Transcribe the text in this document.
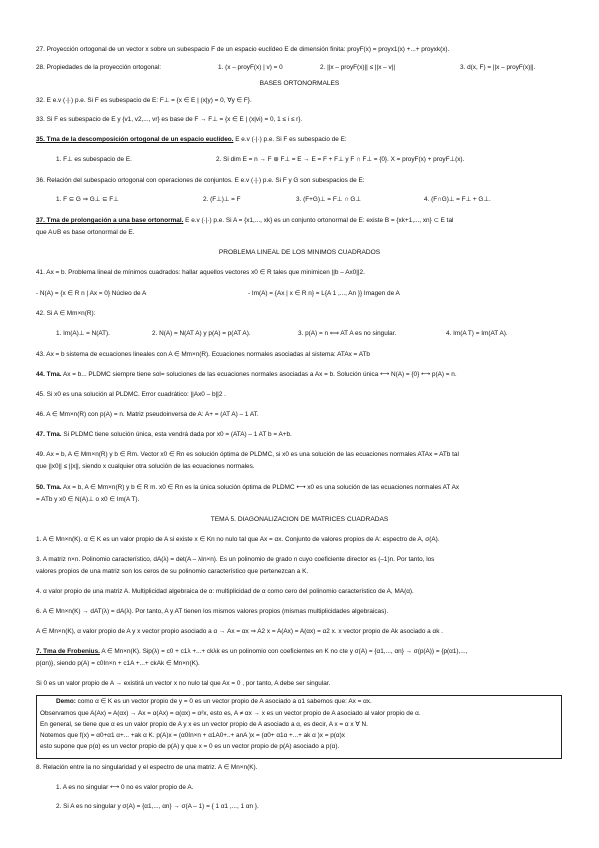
27. Proyección ortogonal de un vector x sobre un subespacio F de un espacio euclídeo E de dimensión finita: proyF(x) = proyx1(x) +...+ proyxk(x).
28. Propiedades de la proyección ortogonal:	1. (x – proyF(x) | v) = 0	2. ||x – proyF(x)|| ≤ ||x – v||	3. d(x, F) = ||x – proyF(x)||.
BASES ORTONORMALES
32. E e.v (·|·) p.e. Si F es subespacio de E: F⊥ = {x ∈ E | (x|y) = 0, ∀y ∈ F}.
33. Si F es subespacio de E y {v1, v2,..., vr} es base de F → F⊥ = {x ∈ E | (x|vi) = 0, 1 ≤ i ≤ r}.
35. Tma de la descomposición ortogonal de un espacio euclídeo. E e.v (·|·) p.e. Si F es subespacio de E:
1. F⊥ es subespacio de E.	2. Si dim E = n → F ⊕ F⊥ = E → E = F + F⊥ y F ∩ F⊥ = {0}. X = proyF(x) + proyF⊥(x).
36. Relación del subespacio ortogonal con operaciones de conjuntos. E e.v (·|·) p.e. Si F y G son subespacios de E:
1. F ⊆ G ⇒ G⊥ ⊆ F⊥	2. (F⊥)⊥ = F	3. (F+G)⊥ = F⊥ ∩ G⊥	4. (F∩G)⊥ = F⊥ + G⊥.
37. Tma de prolongación a una base ortonormal. E e.v (·|·) p.e. Si A = {x1,..., xk} es un conjunto ortonormal de E: existe B = {xk+1,..., xn} ⊂ E tal
que A∪B es base ortonormal de E.
PROBLEMA LINEAL DE LOS MINIMOS CUADRADOS
41. Ax = b. Problema lineal de mínimos cuadrados: hallar aquellos vectores x0 ∈ R tales que minimicen ||b – Ax0||2.
- N(A) = {x ∈ R n | Ax = 0} Núcleo de A	- Im(A) = {Ax | x ∈ R n} = L{A 1 ,..., An }} Imagen de A
42. Si A ∈ Mm×n(R):
1. Im(A)⊥ = N(AT).	2. N(A) = N(AT A) y p(A) = p(AT A).	3. p(A) = n ⟺ AT A es no singular.	4. Im(A T) = Im(AT A).
43. Ax = b sistema de ecuaciones lineales con A ∈ Mm×n(R). Ecuaciones normales asociadas al sistema: ATAx = ATb
44. Tma. Ax = b... PLDMC siempre tiene sol= soluciones de las ecuaciones normales asociadas a Ax = b. Solución única ⟷ N(A) = {0} ⟷ p(A) = n.
45. Si x0 es una solución al PLDMC. Error cuadrático: ||Ax0 – b||2 .
46. A ∈ Mm×n(R) con p(A) = n. Matriz pseudoinversa de A: A+ = (AT A) – 1 AT.
47. Tma. Si PLDMC tiene solución única, esta vendrá dada por x0 = (ATA) – 1 AT b = A+b.
49. Ax = b, A ∈ Mm×n(R) y b ∈ Rm. Vector x0 ∈ Rn es solución óptima de PLDMC, si x0 es una solución de las ecuaciones normales ATAx = ATb tal
que ||x0|| ≤ ||x||, siendo x cualquier otra solución de las ecuaciones normales.
50. Tma. Ax = b, A ∈ Mm×n(R) y b ∈ R m. x0 ∈ Rn es la única solución óptima de PLDMC ⟷ x0 es una solución de las ecuaciones normales AT Ax
= ATb y x0 ∈ N(A)⊥ o x0 ∈ Im(A T).
TEMA 5. DIAGONALIZACION DE MATRICES CUADRADAS
1. A ∈ Mn×n(K). α ∈ K es un valor propio de A si existe x ∈ Kn no nulo tal que Ax = αx. Conjunto de valores propios de A: espectro de A, σ(A).
3. A matriz n×n. Polinomio característico, dA(λ) = det(A – λIn×n). Es un polinomio de grado n cuyo coeficiente director es (–1)n. Por tanto, los
valores propios de una matriz son los ceros de su polinomio característico que pertenezcan a K.
4. α valor propio de una matriz A. Multiplicidad algebraica de α: multiplicidad de α como cero del polinomio característico de A, MA(α).
6. A ∈ Mn×n(K) → dAT(λ) = dA(λ). Por tanto, A y AT tienen los mismos valores propios (mismas multiplicidades algebraicas).
A ∈ Mn×n(K), α valor propio de A y x vector propio asociado a α → Ax = αx ⇒ A2 x = A(Ax) = A(αx) = α2 x. x vector propio de Ak asociado a αk .
7. Tma de Frobenius. A ∈ Mn×n(K). Sip(λ) = c0 + c1λ +...+ ckλk es un polinomio con coeficientes en K no cte y σ(A) = {α1,..., αn} → σ(p(A)) = {p(α1),...,
p(αn)}, siendo p(A) = c0In×n + c1A +...+ ckAk ∈ Mn×n(K).
Si 0 es un valor propio de A → existirá un vector x no nulo tal que Ax = 0 , por tanto, A debe ser singular.
Demo: como α ∈ K es un vector propio de y = 0 es un vector propio de A asociado a α1 sabemos que: Ax = αx.
Observamos que A(Ax) = A(αx) → Ax = α(Ax) = α(αx) = α²x, esto es, A ≠ αx → x es un vector propio de A asociado al valor propio de α.
En general, se tiene que α es un valor propio de A y x es un vector propio de A asociado a α, es decir, A x = α x ∀ N.
Notemos que f(x) = α0+α1 α+... +ak α K. p(A)x = (α0In×n + α1A0+..+ anA )x = (α0+ α1α +...+ ak α )x = p(α)x
esto supone que p(α) es un vector propio de p(A) y que x = 0 es un vector propio de p(A) asociado a p(α).
8. Relación entre la no singularidad y el espectro de una matriz. A ∈ Mn×n(K).
1. A es no singular ⟷ 0 no es valor propio de A.
2. Si A es no singular y σ(A) = {α1,..., αn} → σ(A – 1) = { 1 α1 ,..., 1 αn }.
